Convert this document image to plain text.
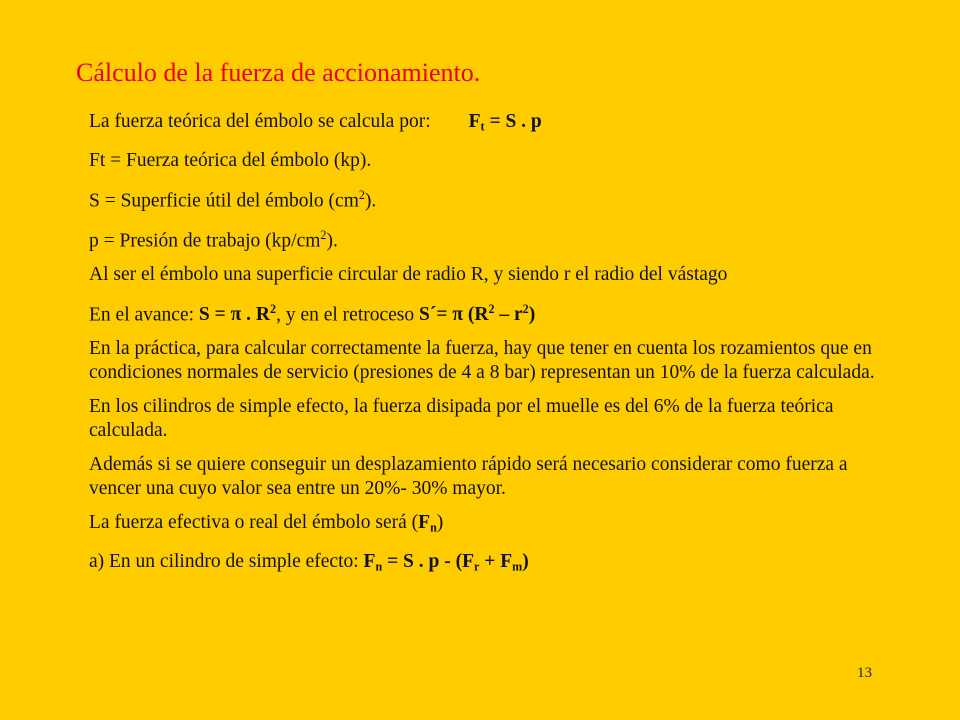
Cálculo de la fuerza de accionamiento.

La fuerza teórica del émbolo se calcula por: $F_t = S$ . p

Ft = Fuerza teórica del émbolo (kp).

S = Superficie útil del émbolo $(cm^2)$.

p = Presión de trabajo $(kp/cm^2)$.

Al ser el émbolo una superficie circular de radio R, y siendo r el radio del vástago

En el avance: S = π . $R^2$, y en el retroceso S´= π $(R^2 - r^2)$

En la práctica, para calcular correctamente la fuerza, hay que tener en cuenta los rozamientos que en condiciones normales de servicio (presiones de 4 a 8 bar) representan un 10% de la fuerza calculada.

En los cilindros de simple efecto, la fuerza disipada por el muelle es del 6% de la fuerza teórica calculada.

Además si se quiere conseguir un desplazamiento rápido será necesario considerar como fuerza a vencer una cuyo valor sea entre un 20%- 30% mayor.

La fuerza efectiva o real del émbolo será $(F_n)$

a) En un cilindro de simple efecto: $F_n = S$ . $p - (F_r + F_m)$

13
